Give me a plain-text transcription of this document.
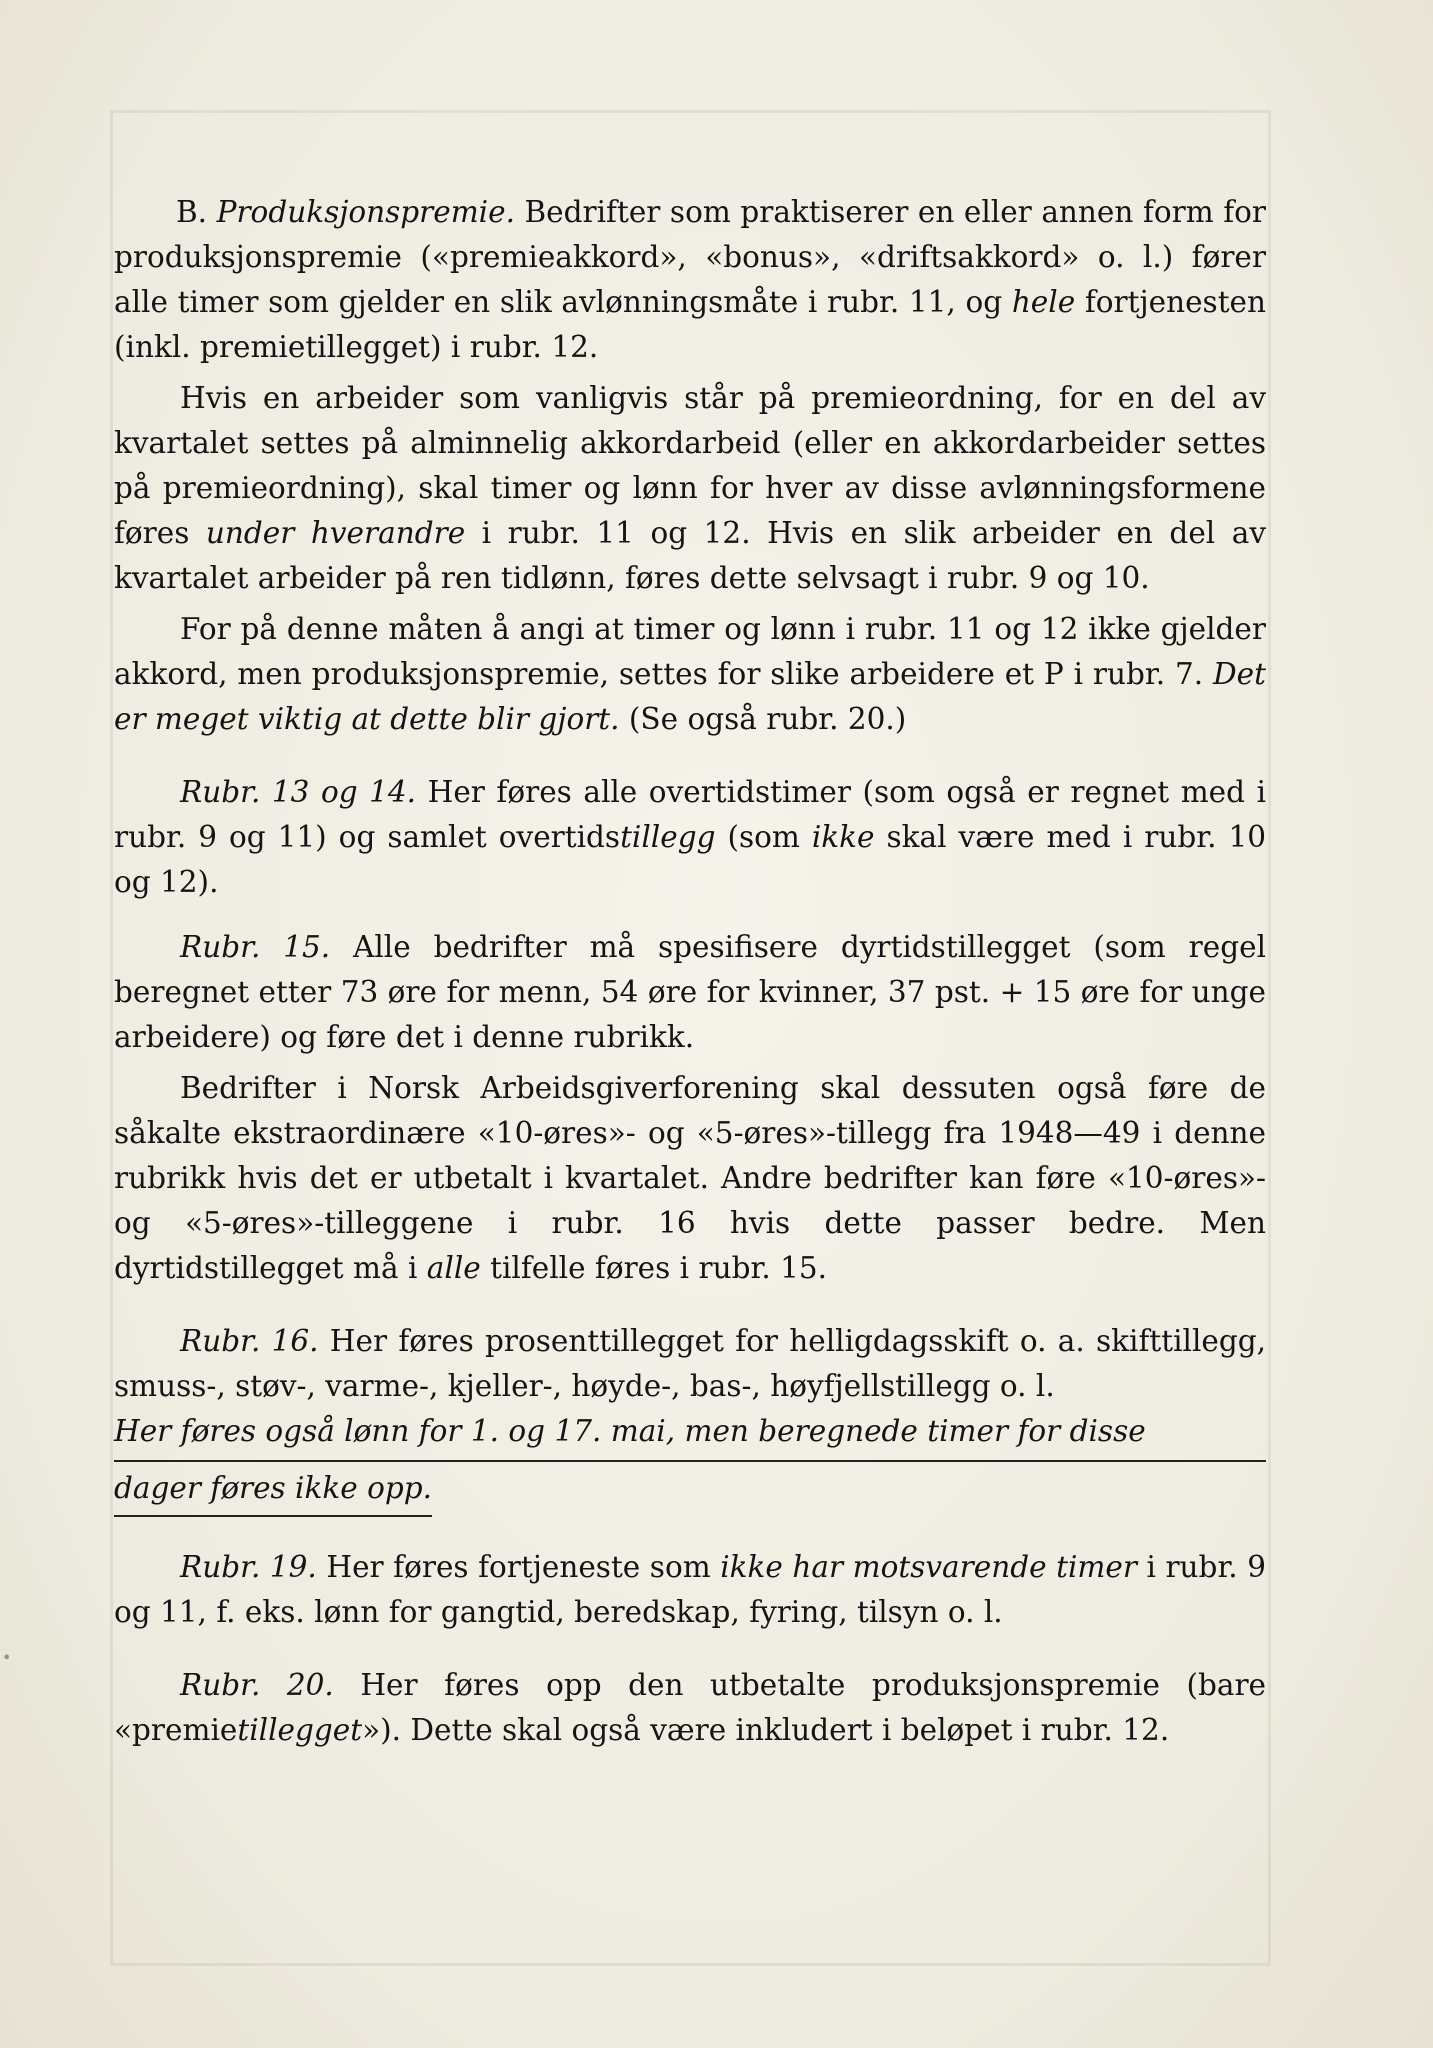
•

B. Produksjonspremie. Bedrifter som praktiserer en eller annen form for produksjonspremie («premieakkord», «bonus», «driftsakkord» o. l.) fører alle timer som gjelder en slik avlønningsmåte i rubr. 11, og hele fortjenesten (inkl. premietillegget) i rubr. 12.

Hvis en arbeider som vanligvis står på premieordning, for en del av kvartalet settes på alminnelig akkordarbeid (eller en akkordarbeider settes på premieordning), skal timer og lønn for hver av disse avlønningsformene føres under hverandre i rubr. 11 og 12. Hvis en slik arbeider en del av kvartalet arbeider på ren tidlønn, føres dette selvsagt i rubr. 9 og 10.

For på denne måten å angi at timer og lønn i rubr. 11 og 12 ikke gjelder akkord, men produksjonspremie, settes for slike arbeidere et P i rubr. 7. Det er meget viktig at dette blir gjort. (Se også rubr. 20.)

Rubr. 13 og 14. Her føres alle overtidstimer (som også er regnet med i rubr. 9 og 11) og samlet overtidstillegg (som ikke skal være med i rubr. 10 og 12).

Rubr. 15. Alle bedrifter må spesifisere dyrtidstillegget (som regel beregnet etter 73 øre for menn, 54 øre for kvinner, 37 pst. + 15 øre for unge arbeidere) og føre det i denne rubrikk.

Bedrifter i Norsk Arbeidsgiverforening skal dessuten også føre de såkalte ekstraordinære «10-øres»- og «5-øres»-tillegg fra 1948—49 i denne rubrikk hvis det er utbetalt i kvartalet. Andre bedrifter kan føre «10-øres»- og «5-øres»-tilleggene i rubr. 16 hvis dette passer bedre. Men dyrtidstillegget må i alle tilfelle føres i rubr. 15.

Rubr. 16. Her føres prosenttillegget for helligdagsskift o. a. skifttillegg, smuss-, støv-, varme-, kjeller-, høyde-, bas-, høyfjellstillegg o. l.

Her føres også lønn for 1. og 17. mai, men beregnede timer for disse
dager føres ikke opp.

Rubr. 19. Her føres fortjeneste som ikke har motsvarende timer i rubr. 9 og 11, f. eks. lønn for gangtid, beredskap, fyring, tilsyn o. l.

Rubr. 20. Her føres opp den utbetalte produksjonspremie (bare «premietillegget»). Dette skal også være inkludert i beløpet i rubr. 12.
